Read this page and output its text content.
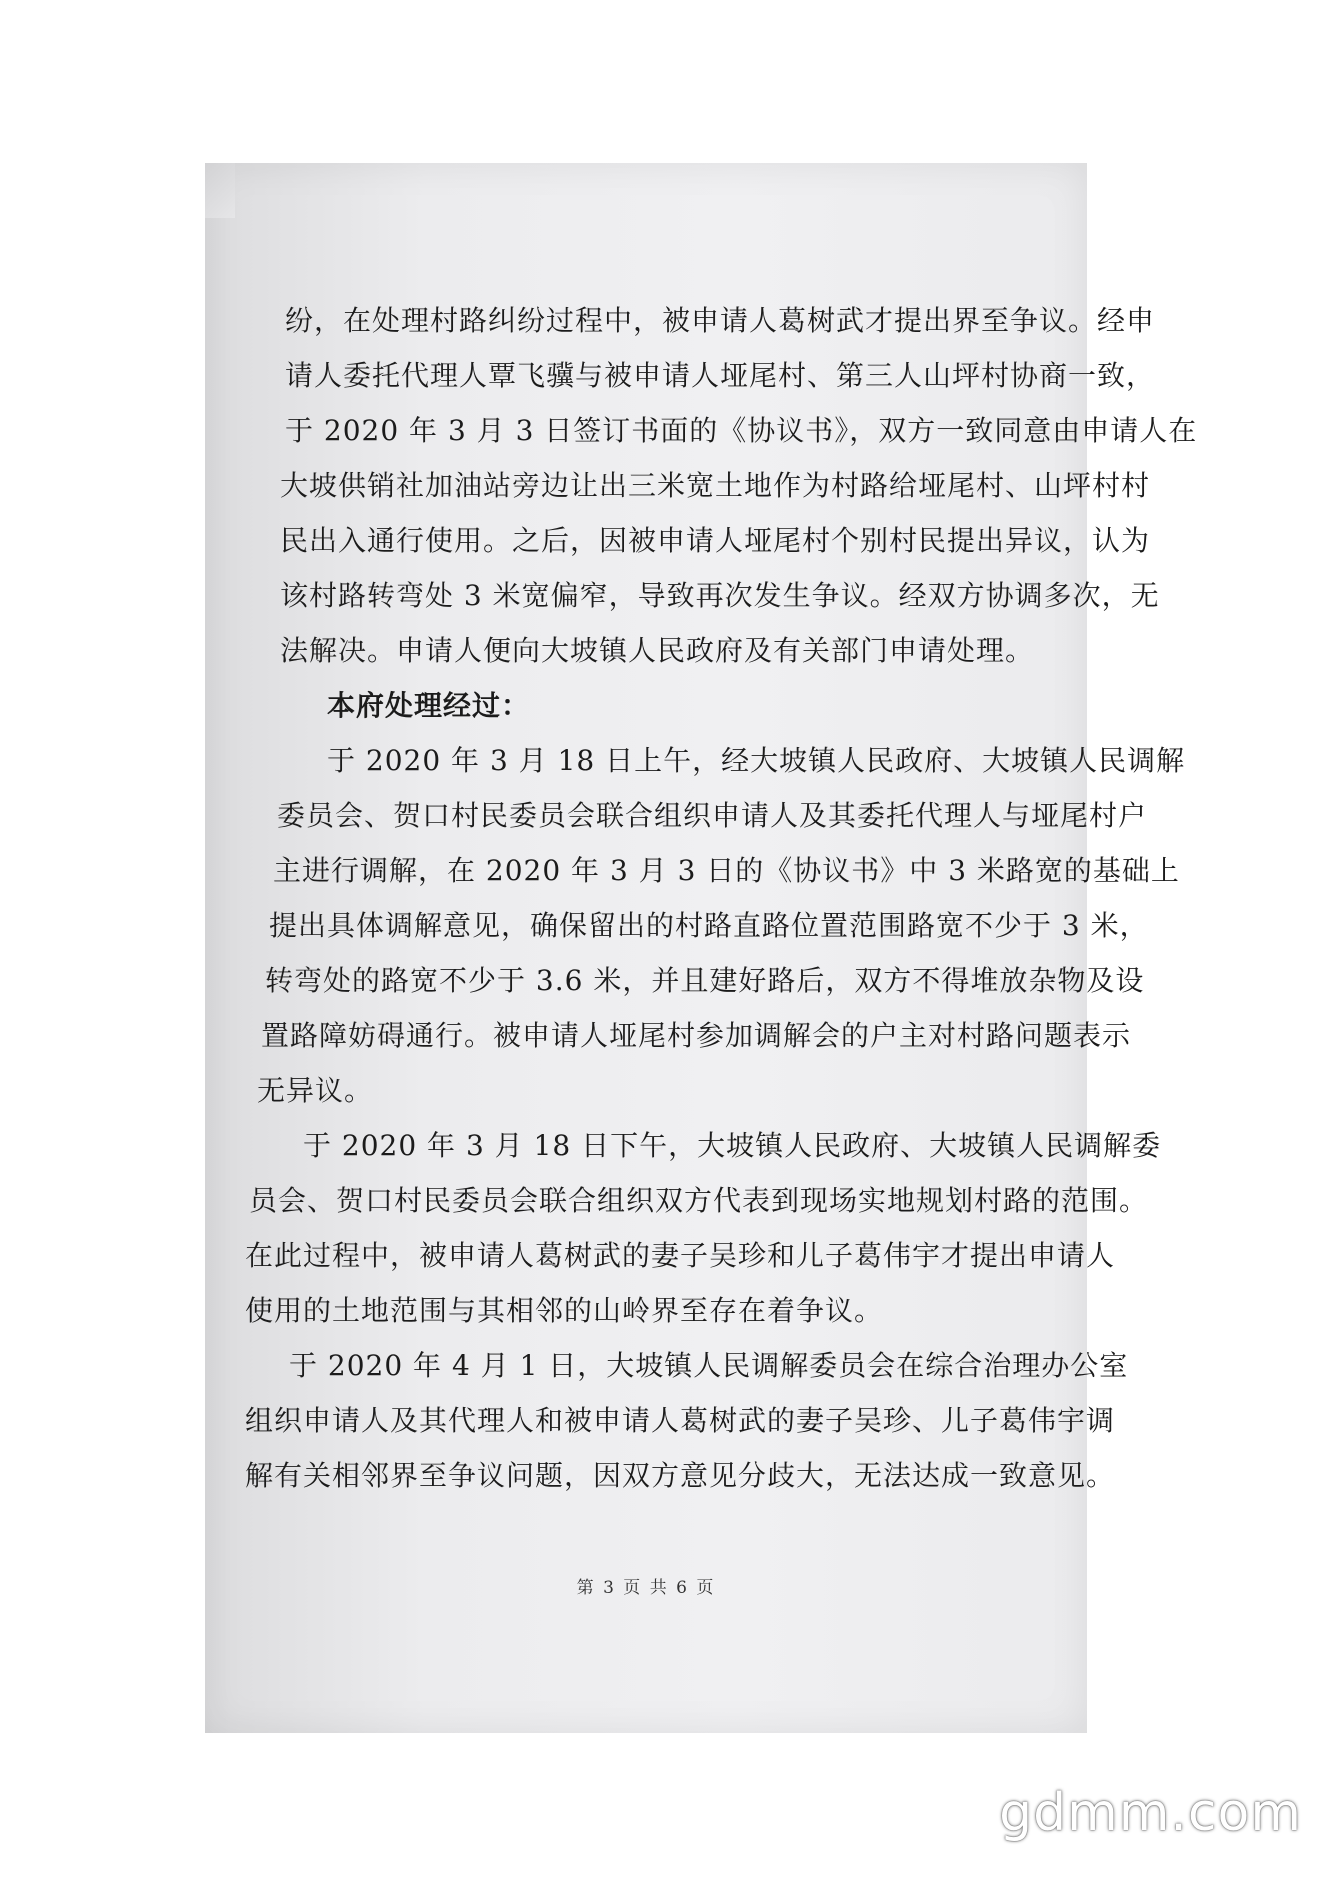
纷，在处理村路纠纷过程中，被申请人葛树武才提出界至争议。经申
请人委托代理人覃飞骥与被申请人垭尾村、第三人山坪村协商一致，
于 2020 年 3 月 3 日签订书面的《协议书》，双方一致同意由申请人在
大坡供销社加油站旁边让出三米宽土地作为村路给垭尾村、山坪村村
民出入通行使用。之后，因被申请人垭尾村个别村民提出异议，认为
该村路转弯处 3 米宽偏窄，导致再次发生争议。经双方协调多次，无
法解决。申请人便向大坡镇人民政府及有关部门申请处理。
本府处理经过：
于 2020 年 3 月 18 日上午，经大坡镇人民政府、大坡镇人民调解
委员会、贺口村民委员会联合组织申请人及其委托代理人与垭尾村户
主进行调解，在 2020 年 3 月 3 日的《协议书》中 3 米路宽的基础上
提出具体调解意见，确保留出的村路直路位置范围路宽不少于 3 米，
转弯处的路宽不少于 3.6 米，并且建好路后，双方不得堆放杂物及设
置路障妨碍通行。被申请人垭尾村参加调解会的户主对村路问题表示
无异议。
于 2020 年 3 月 18 日下午，大坡镇人民政府、大坡镇人民调解委
员会、贺口村民委员会联合组织双方代表到现场实地规划村路的范围。
在此过程中，被申请人葛树武的妻子吴珍和儿子葛伟宇才提出申请人
使用的土地范围与其相邻的山岭界至存在着争议。
于 2020 年 4 月 1 日，大坡镇人民调解委员会在综合治理办公室
组织申请人及其代理人和被申请人葛树武的妻子吴珍、儿子葛伟宇调
解有关相邻界至争议问题，因双方意见分歧大，无法达成一致意见。
第 3 页 共 6 页
gdmm.com
